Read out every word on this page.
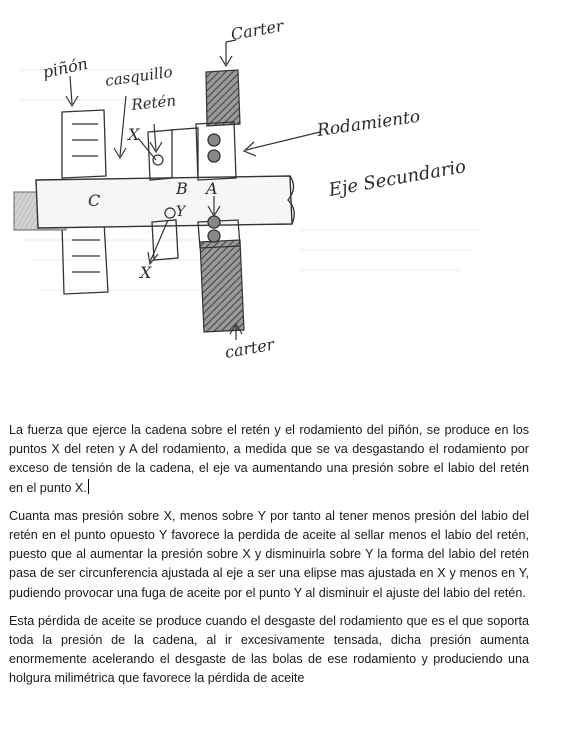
piñón casquillo
Retén
Carter
Rodamiento
Eje Secundario
carter
C
B A
X
Y
X

La fuerza que ejerce la cadena sobre el retén y el rodamiento del piñón, se produce en los puntos X del reten y A del rodamiento, a medida que se va desgastando el rodamiento por exceso de tensión de la cadena, el eje va aumentando una presión sobre el labio del retén en el punto X.

Cuanta mas presión sobre X, menos sobre Y por tanto al tener menos presión del labio del retén en el punto opuesto Y favorece la perdida de aceite al sellar menos el labio del retén, puesto que al aumentar la presión sobre X y disminuirla sobre Y la forma del labio del retén pasa de ser circunferencia ajustada al eje a ser una elipse mas ajustada en X y menos en Y, pudiendo provocar una fuga de aceite por el punto Y al disminuir el ajuste del labio del retén.

Esta pérdida de aceite se produce cuando el desgaste del rodamiento que es el que soporta toda la presión de la cadena, al ir excesivamente tensada, dicha presión aumenta enormemente acelerando el desgaste de las bolas de ese rodamiento y produciendo una holgura milimétrica que favorece la pérdida de aceite
